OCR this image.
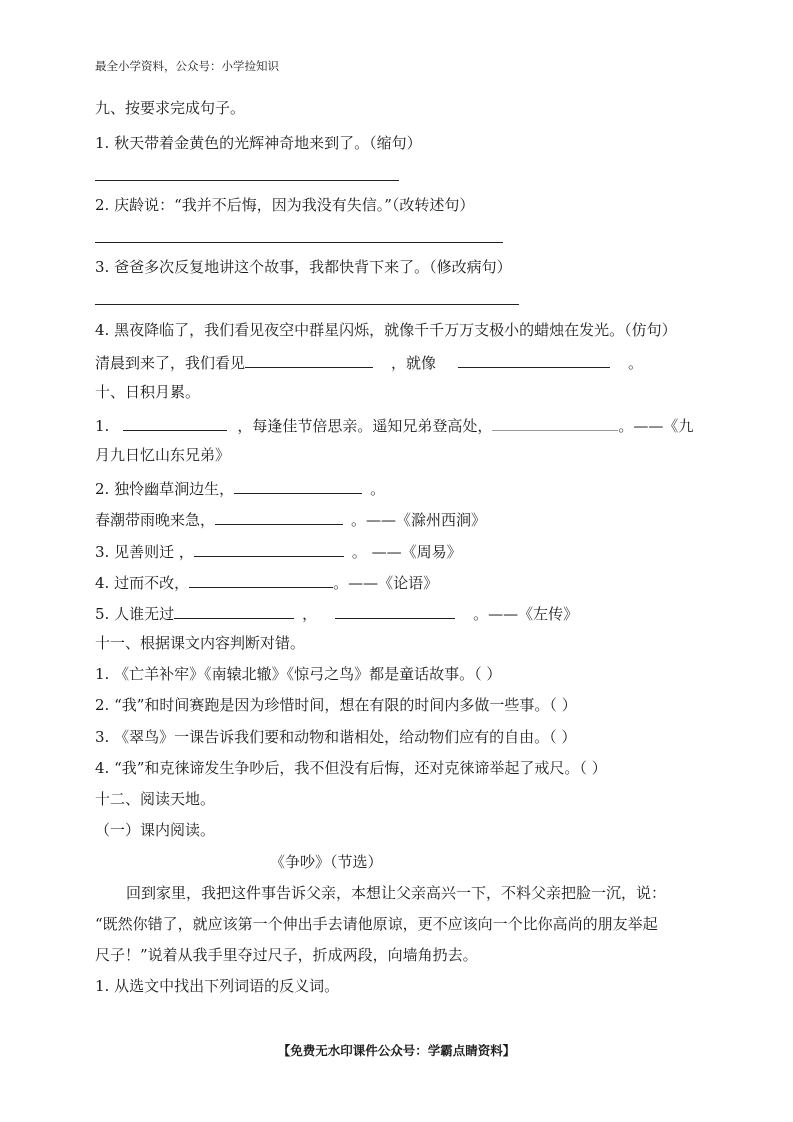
最全小学资料，公众号：小学捡知识
九、按要求完成句子。
1. 秋天带着金黄色的光辉神奇地来到了。（缩句）
2. 庆龄说：“我并不后悔，因为我没有失信。”（改转述句）
3. 爸爸多次反复地讲这个故事，我都快背下来了。（修改病句）
4. 黑夜降临了，我们看见夜空中群星闪烁，就像千千万万支极小的蜡烛在发光。（仿句）
清晨到来了，我们看见	，就像	。
十、日积月累。
1.	，每逢佳节倍思亲。遥知兄弟登高处，	。——《九
月九日忆山东兄弟》
2. 独怜幽草涧边生，	。
春潮带雨晚来急，	。——《滁州西涧》
3. 见善则迁 ，	。 ——《周易》
4. 过而不改，	。——《论语》
5. 人谁无过	，	。——《左传》
十一、根据课文内容判断对错。
1. 《亡羊补牢》《南辕北辙》《惊弓之鸟》都是童话故事。（ ）
2. “我”和时间赛跑是因为珍惜时间，想在有限的时间内多做一些事。（ ）
3. 《翠鸟》一课告诉我们要和动物和谐相处，给动物们应有的自由。（ ）
4. “我”和克徕谛发生争吵后，我不但没有后悔，还对克徕谛举起了戒尺。（ ）
十二、阅读天地。
（一）课内阅读。
《争吵》（节选）
回到家里，我把这件事告诉父亲，本想让父亲高兴一下，不料父亲把脸一沉，说：
“既然你错了，就应该第一个伸出手去请他原谅，更不应该向一个比你高尚的朋友举起
尺子！”说着从我手里夺过尺子，折成两段，向墙角扔去。
1. 从选文中找出下列词语的反义词。
【免费无水印课件公众号：学霸点睛资料】
